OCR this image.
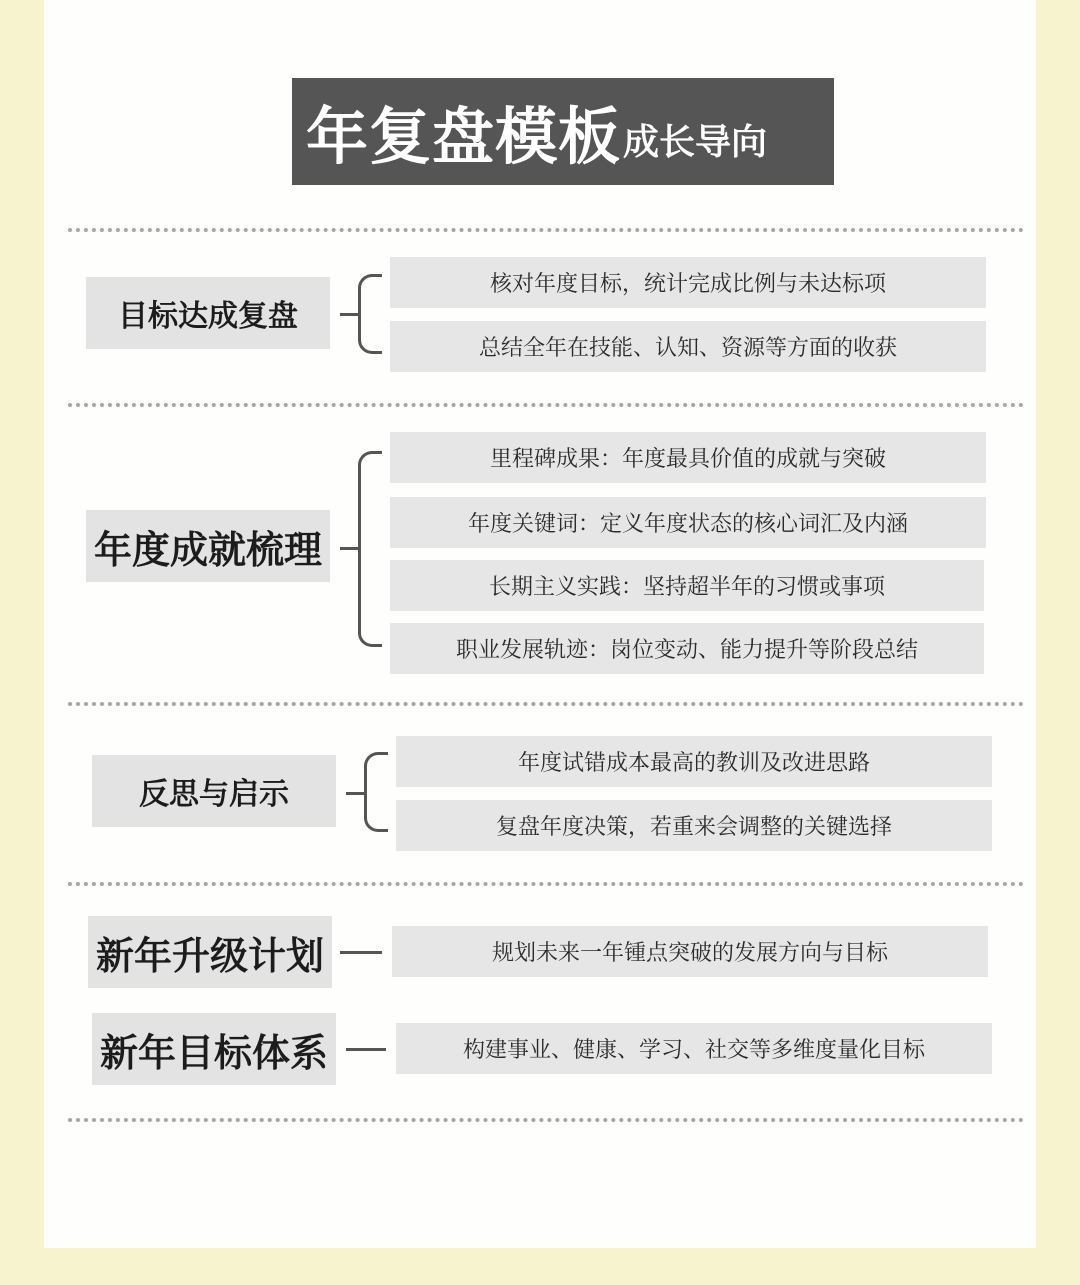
年复盘模板 成长导向
目标达成复盘
核对年度目标，统计完成比例与未达标项
总结全年在技能、认知、资源等方面的收获
年度成就梳理
里程碑成果：年度最具价值的成就与突破
年度关键词：定义年度状态的核心词汇及内涵
长期主义实践：坚持超半年的习惯或事项
职业发展轨迹：岗位变动、能力提升等阶段总结
反思与启示
年度试错成本最高的教训及改进思路
复盘年度决策，若重来会调整的关键选择
新年升级计划	规划未来一年锺点突破的发展方向与目标
新年目标体系	构建事业、健康、学习、社交等多维度量化目标
